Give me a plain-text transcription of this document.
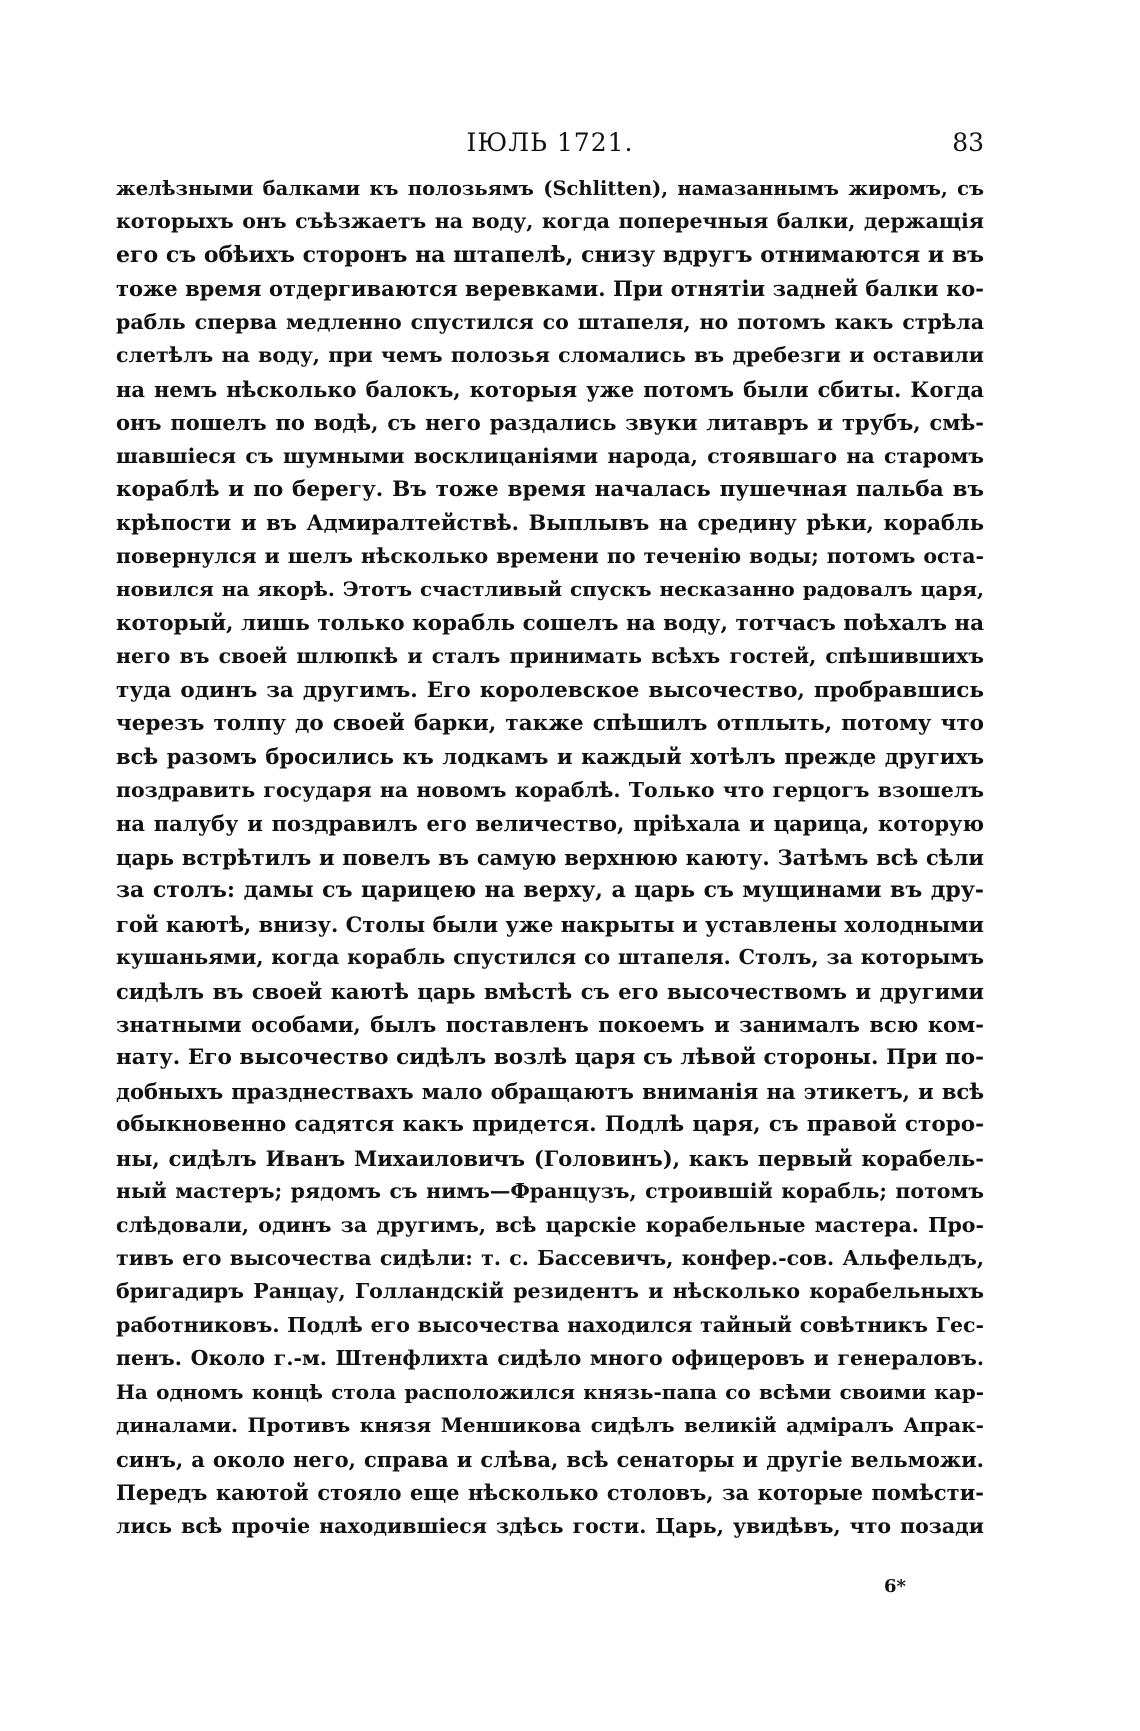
ІЮЛЬ 1721.	83
желѣзными балками къ полозьямъ (Schlitten), намазаннымъ жиромъ, съ
которыхъ онъ съѣзжаетъ на воду, когда поперечныя балки, держащія
его съ обѣихъ сторонъ на штапелѣ, снизу вдругъ отнимаются и въ
тоже время отдергиваются веревками. При отнятіи задней балки ко-
рабль сперва медленно спустился со штапеля, но потомъ какъ стрѣла
слетѣлъ на воду, при чемъ полозья сломались въ дребезги и оставили
на немъ нѣсколько балокъ, которыя уже потомъ были сбиты. Когда
онъ пошелъ по водѣ, съ него раздались звуки литавръ и трубъ, смѣ-
шавшіеся съ шумными восклицаніями народа, стоявшаго на старомъ
кораблѣ и по берегу. Въ тоже время началась пушечная пальба въ
крѣпости и въ Адмиралтействѣ. Выплывъ на средину рѣки, корабль
повернулся и шелъ нѣсколько времени по теченію воды; потомъ оста-
новился на якорѣ. Этотъ счастливый спускъ несказанно радовалъ царя,
который, лишь только корабль сошелъ на воду, тотчасъ поѣхалъ на
него въ своей шлюпкѣ и сталъ принимать всѣхъ гостей, спѣшившихъ
туда одинъ за другимъ. Его королевское высочество, пробравшись
черезъ толпу до своей барки, также спѣшилъ отплыть, потому что
всѣ разомъ бросились къ лодкамъ и каждый хотѣлъ прежде другихъ
поздравить государя на новомъ кораблѣ. Только что герцогъ взошелъ
на палубу и поздравилъ его величество, пріѣхала и царица, которую
царь встрѣтилъ и повелъ въ самую верхнюю каюту. Затѣмъ всѣ сѣли
за столъ: дамы съ царицею на верху, а царь съ мущинами въ дру-
гой каютѣ, внизу. Столы были уже накрыты и уставлены холодными
кушаньями, когда корабль спустился со штапеля. Столъ, за которымъ
сидѣлъ въ своей каютѣ царь вмѣстѣ съ его высочествомъ и другими
знатными особами, былъ поставленъ покоемъ и занималъ всю ком-
нату. Его высочество сидѣлъ возлѣ царя съ лѣвой стороны. При по-
добныхъ празднествахъ мало обращаютъ вниманія на этикетъ, и всѣ
обыкновенно садятся какъ придется. Подлѣ царя, съ правой сторо-
ны, сидѣлъ Иванъ Михаиловичъ (Головинъ), какъ первый корабель-
ный мастеръ; рядомъ съ нимъ—Французъ, строившій корабль; потомъ
слѣдовали, одинъ за другимъ, всѣ царскіе корабельные мастера. Про-
тивъ его высочества сидѣли: т. с. Бассевичъ, конфер.-сов. Альфельдъ,
бригадиръ Ранцау, Голландскій резидентъ и нѣсколько корабельныхъ
работниковъ. Подлѣ его высочества находился тайный совѣтникъ Гес-
пенъ. Около г.-м. Штенфлихта сидѣло много офицеровъ и генераловъ.
На одномъ концѣ стола расположился князь-папа со всѣми своими кар-
диналами. Противъ князя Меншикова сидѣлъ великій адміралъ Апрак-
синъ, а около него, справа и слѣва, всѣ сенаторы и другіе вельможи.
Передъ каютой стояло еще нѣсколько столовъ, за которые помѣсти-
лись всѣ прочіе находившіеся здѣсь гости. Царь, увидѣвъ, что позади
6*
